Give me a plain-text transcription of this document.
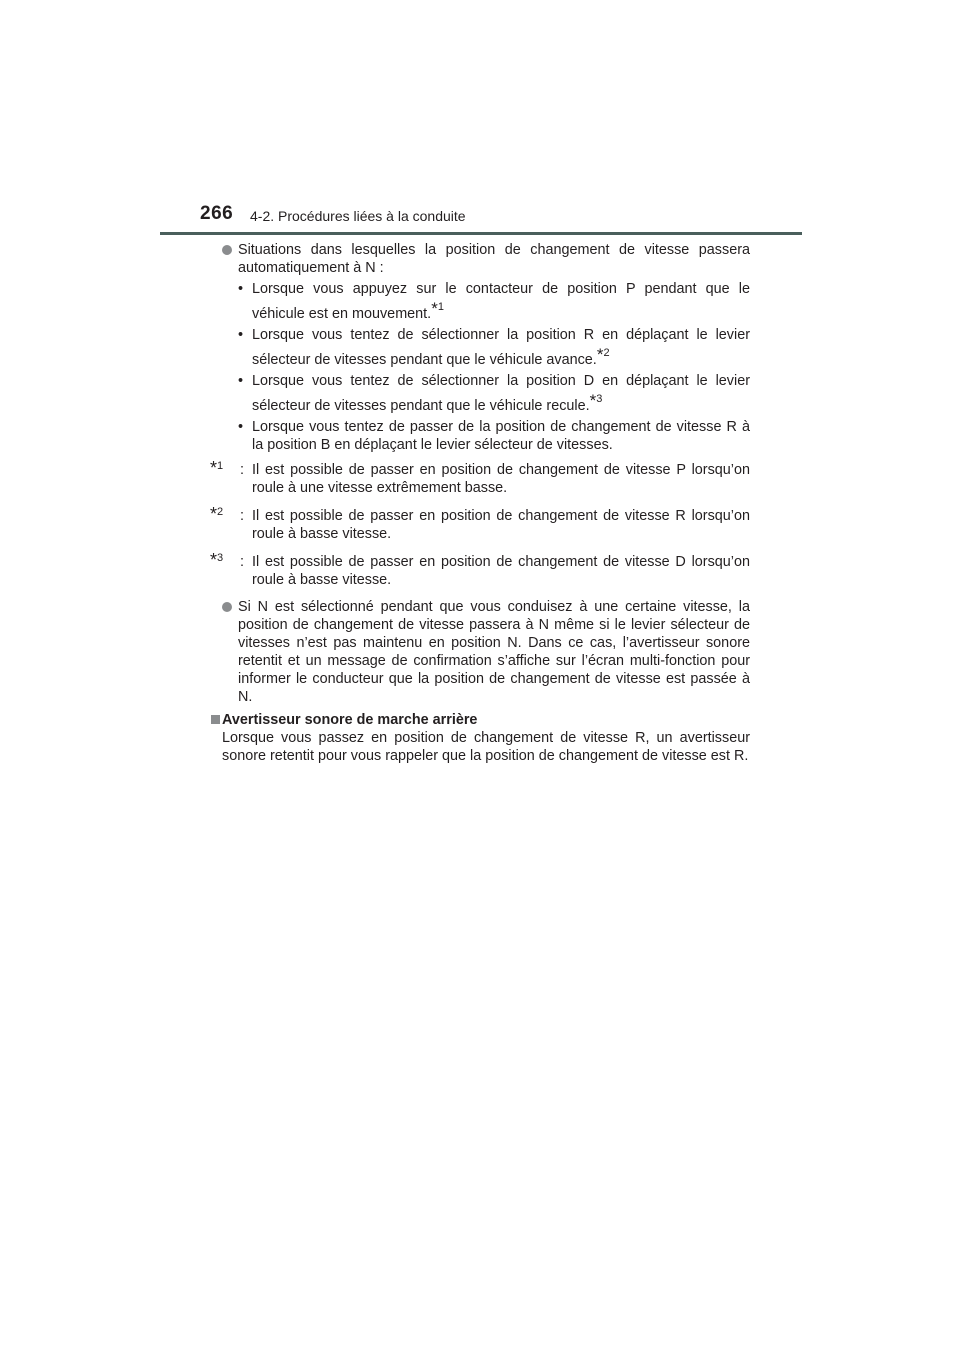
266 4-2. Procédures liées à la conduite
Situations dans lesquelles la position de changement de vitesse passera automatiquement à N :
• Lorsque vous appuyez sur le contacteur de position P pendant que le véhicule est en mouvement.*$^1$
• Lorsque vous tentez de sélectionner la position R en déplaçant le levier sélecteur de vitesses pendant que le véhicule avance.*$^2$
• Lorsque vous tentez de sélectionner la position D en déplaçant le levier sélecteur de vitesses pendant que le véhicule recule.*$^3$
• Lorsque vous tentez de passer de la position de changement de vitesse R à la position B en déplaçant le levier sélecteur de vitesses.
*$^1$ : Il est possible de passer en position de changement de vitesse P lorsqu’on roule à une vitesse extrêmement basse.
*$^2$ : Il est possible de passer en position de changement de vitesse R lorsqu’on roule à basse vitesse.
*$^3$ : Il est possible de passer en position de changement de vitesse D lorsqu’on roule à basse vitesse.
Si N est sélectionné pendant que vous conduisez à une certaine vitesse, la position de changement de vitesse passera à N même si le levier sélecteur de vitesses n’est pas maintenu en position N. Dans ce cas, l’avertisseur sonore retentit et un message de confirmation s’affiche sur l’écran multi-fonction pour informer le conducteur que la position de changement de vitesse est passée à N.
Avertisseur sonore de marche arrière
Lorsque vous passez en position de changement de vitesse R, un avertisseur sonore retentit pour vous rappeler que la position de changement de vitesse est R.
